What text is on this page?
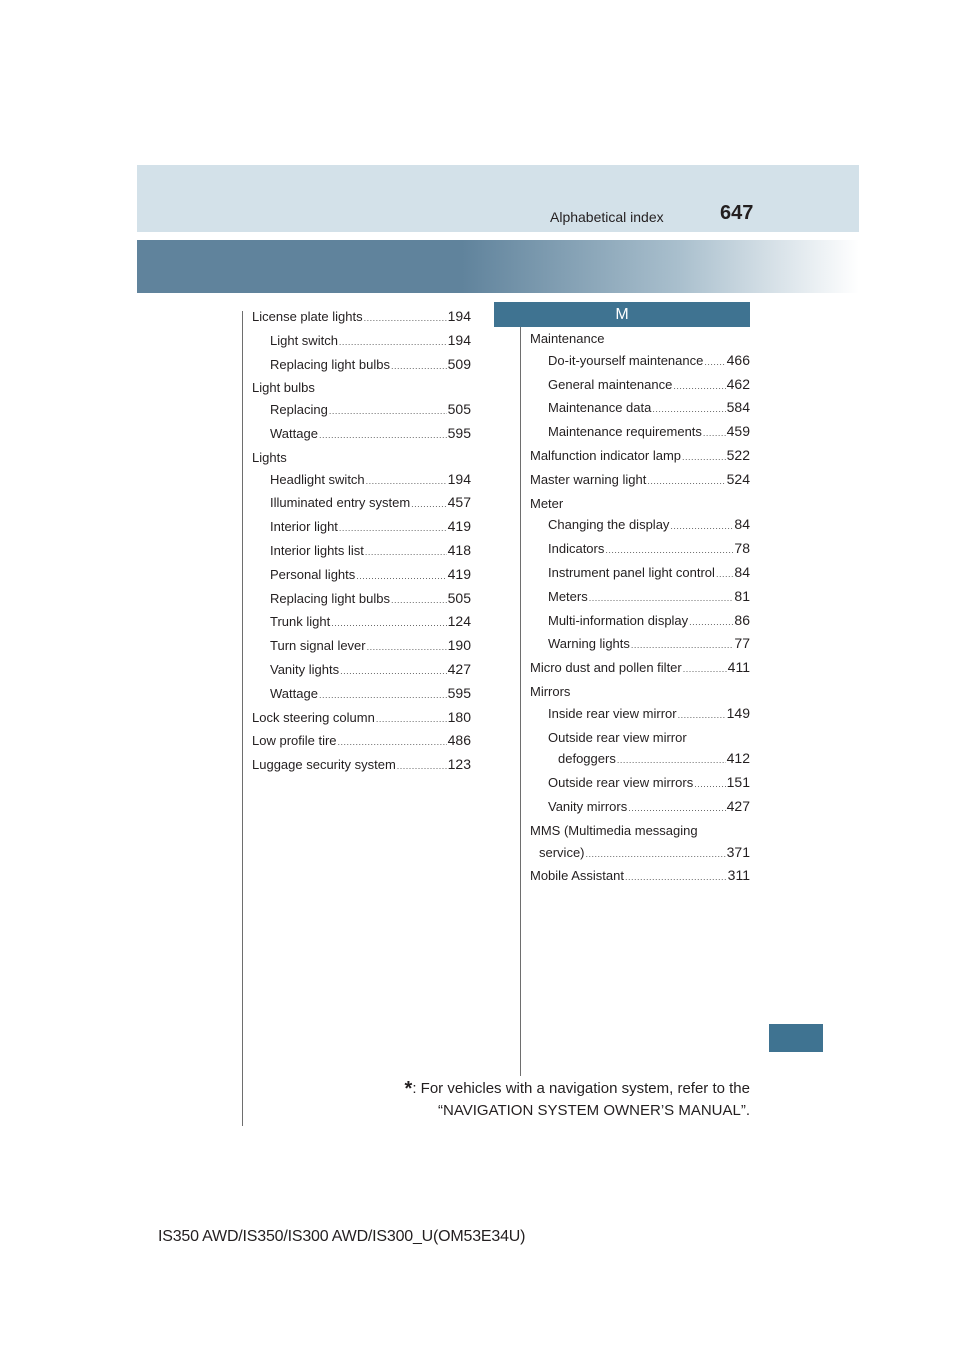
Alphabetical index	647
License plate lights .....	194
Light switch .....	194
Replacing light bulbs .....	509
Light bulbs
Replacing .....	505
Wattage .....	595
Lights
Headlight switch .....	194
Illuminated entry system .....	457
Interior light .....	419
Interior lights list .....	418
Personal lights .....	419
Replacing light bulbs .....	505
Trunk light .....	124
Turn signal lever .....	190
Vanity lights .....	427
Wattage .....	595
Lock steering column .....	180
Low profile tire .....	486
Luggage security system .....	123
M
Maintenance
Do-it-yourself maintenance ..... 466
General maintenance .....	462
Maintenance data .....	584
Maintenance requirements ..... 459
Malfunction indicator lamp .....	522
Master warning light .....	524
Meter
Changing the display .....	84
Indicators .....	78
Instrument panel light control ..... 84
Meters .....	81
Multi-information display .....	86
Warning lights .....	77
Micro dust and pollen filter .....	411
Mirrors
Inside rear view mirror .....	149
Outside rear view mirror
defoggers .....	412
Outside rear view mirrors ..... 151
Vanity mirrors .....	427
MMS (Multimedia messaging
service) .....	371
Mobile Assistant .....	311
*: For vehicles with a navigation system, refer to the
“NAVIGATION SYSTEM OWNER’S MANUAL”.
IS350 AWD/IS350/IS300 AWD/IS300_U(OM53E34U)
